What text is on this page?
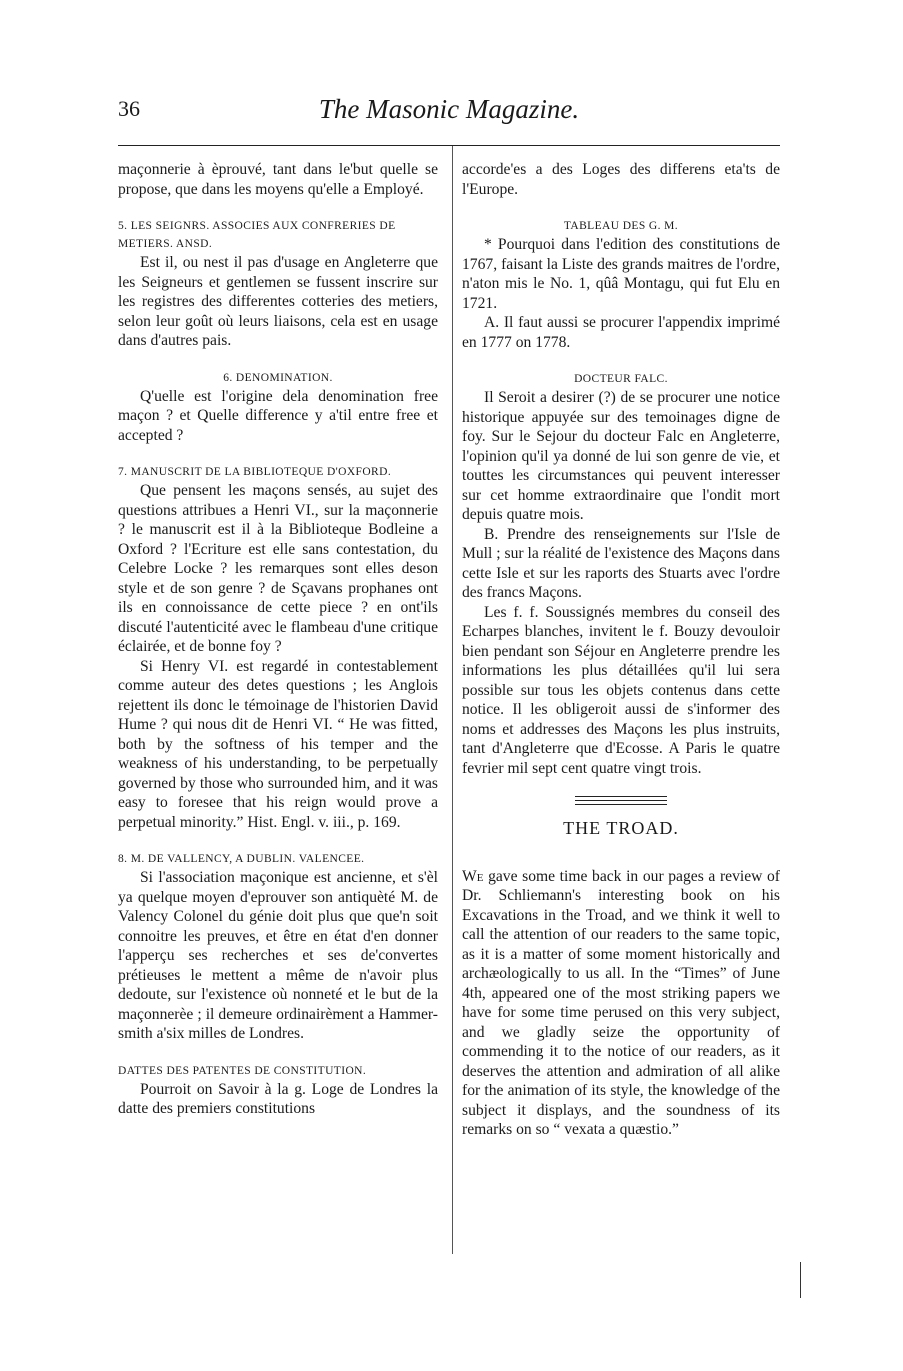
36	The Masonic Magazine.

maçonnerie à èprouvé, tant dans le'but quelle se propose, que dans les moyens qu'elle a Employé.

5. LES SEIGNRS. ASSOCIES AUX CONFRERIES DE METIERS. ANSD.

Est il, ou nest il pas d'usage en Angleterre que les Seigneurs et gentlemen se fussent inscrire sur les registres des differentes cotteries des metiers, selon leur goût où leurs liaisons, cela est en usage dans d'autres pais.

6. DENOMINATION.

Q'uelle est l'origine dela denomination free maçon ? et Quelle difference y a'til entre free et accepted ?

7. MANUSCRIT DE LA BIBLIOTEQUE D'OXFORD.

Que pensent les maçons sensés, au sujet des questions attribues a Henri VI., sur la maçonnerie ? le manuscrit est il à la Biblioteque Bodleine a Oxford ? l'Ecriture est elle sans contestation, du Celebre Locke ? les remarques sont elles deson style et de son genre ? de Sçavans prophanes ont ils en connoissance de cette piece ? en ont'ils discuté l'autenticité avec le flambeau d'une critique éclairée, et de bonne foy ?

Si Henry VI. est regardé in contestablement comme auteur des detes questions ; les Anglois rejettent ils donc le témoinage de l'historien David Hume ? qui nous dit de Henri VI. “ He was fitted, both by the softness of his temper and the weakness of his understanding, to be perpetually governed by those who surrounded him, and it was easy to foresee that his reign would prove a perpetual minority.” Hist. Engl. v. iii., p. 169.

8. M. DE VALLENCY, A DUBLIN. VALENCEE.

Si l'association maçonique est ancienne, et s'èl ya quelque moyen d'eprouver son antiquèté M. de Valency Colonel du génie doit plus que que'n soit connoitre les preuves, et être en état d'en donner l'apperçu ses recherches et ses de'convertes prétieuses le mettent a même de n'avoir plus dedoute, sur l'existence où nonneté et le but de la maçonnerèe ; il demeure ordinairèment a Hammer-smith a'six milles de Londres.

DATTES DES PATENTES DE CONSTITUTION.

Pourroit on Savoir à la g. Loge de Londres la datte des premiers constitutions

accorde'es a des Loges des differens eta'ts de l'Europe.

TABLEAU DES G. M.

* Pourquoi dans l'edition des constitutions de 1767, faisant la Liste des grands maitres de l'ordre, n'aton mis le No. 1, qûâ Montagu, qui fut Elu en 1721.

A. Il faut aussi se procurer l'appendix imprimé en 1777 on 1778.

DOCTEUR FALC.

Il Seroit a desirer (?) de se procurer une notice historique appuyée sur des temoinages digne de foy. Sur le Sejour du docteur Falc en Angleterre, l'opinion qu'il ya donné de lui son genre de vie, et touttes les circumstances qui peuvent interesser sur cet homme extraordinaire que l'ondit mort depuis quatre mois.

B. Prendre des renseignements sur l'Isle de Mull ; sur la réalité de l'existence des Maçons dans cette Isle et sur les raports des Stuarts avec l'ordre des francs Maçons.

Les f. f. Soussignés membres du conseil des Echarpes blanches, invitent le f. Bouzy devouloir bien pendant son Séjour en Angleterre prendre les informations les plus détaillées qu'il lui sera possible sur tous les objets contenus dans cette notice. Il les obligeroit aussi de s'informer des noms et addresses des Maçons les plus instruits, tant d'Angleterre que d'Ecosse. A Paris le quatre fevrier mil sept cent quatre vingt trois.

THE TROAD.

We gave some time back in our pages a review of Dr. Schliemann's interesting book on his Excavations in the Troad, and we think it well to call the attention of our readers to the same topic, as it is a matter of some moment historically and archæologically to us all. In the “Times” of June 4th, appeared one of the most striking papers we have for some time perused on this very subject, and we gladly seize the opportunity of commending it to the notice of our readers, as it deserves the attention and admiration of all alike for the animation of its style, the knowledge of the subject it displays, and the soundness of its remarks on so “ vexata a quæstio.”
